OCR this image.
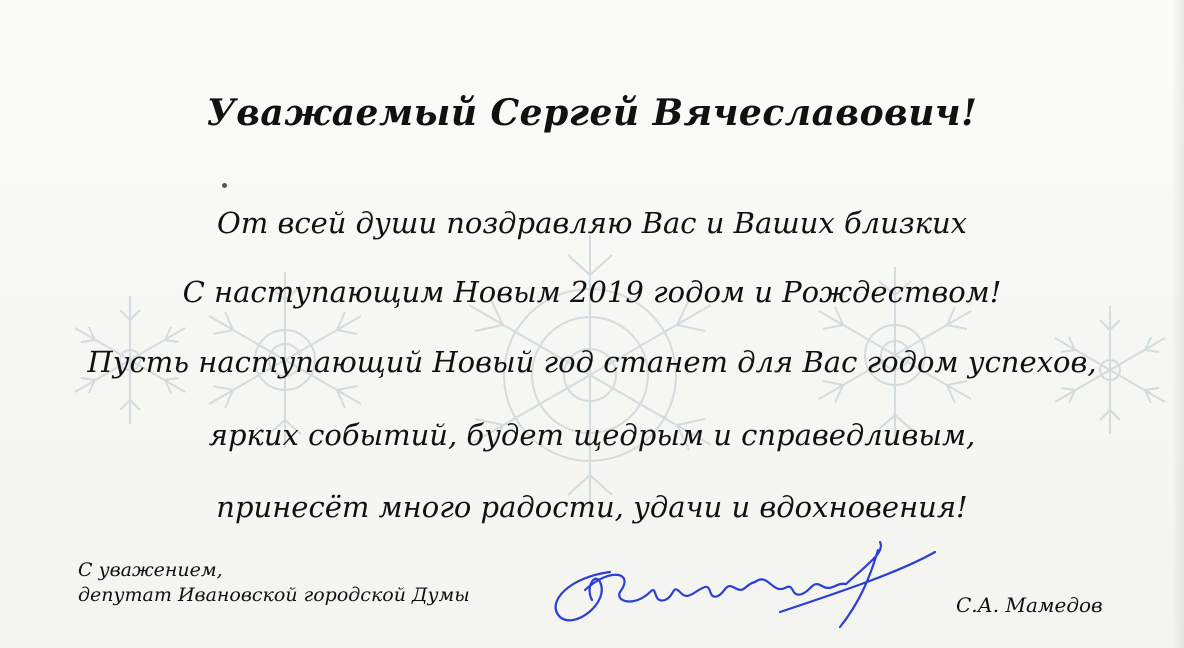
Уважаемый Сергей Вячеславович!
От всей души поздравляю Вас и Ваших близких
С наступающим Новым 2019 годом и Рождеством!
Пусть наступающий Новый год станет для Вас годом успехов,
ярких событий, будет щедрым и справедливым,
принесёт много радости, удачи и вдохновения!
С уважением,
депутат Ивановской городской Думы	С.А. Мамедов
